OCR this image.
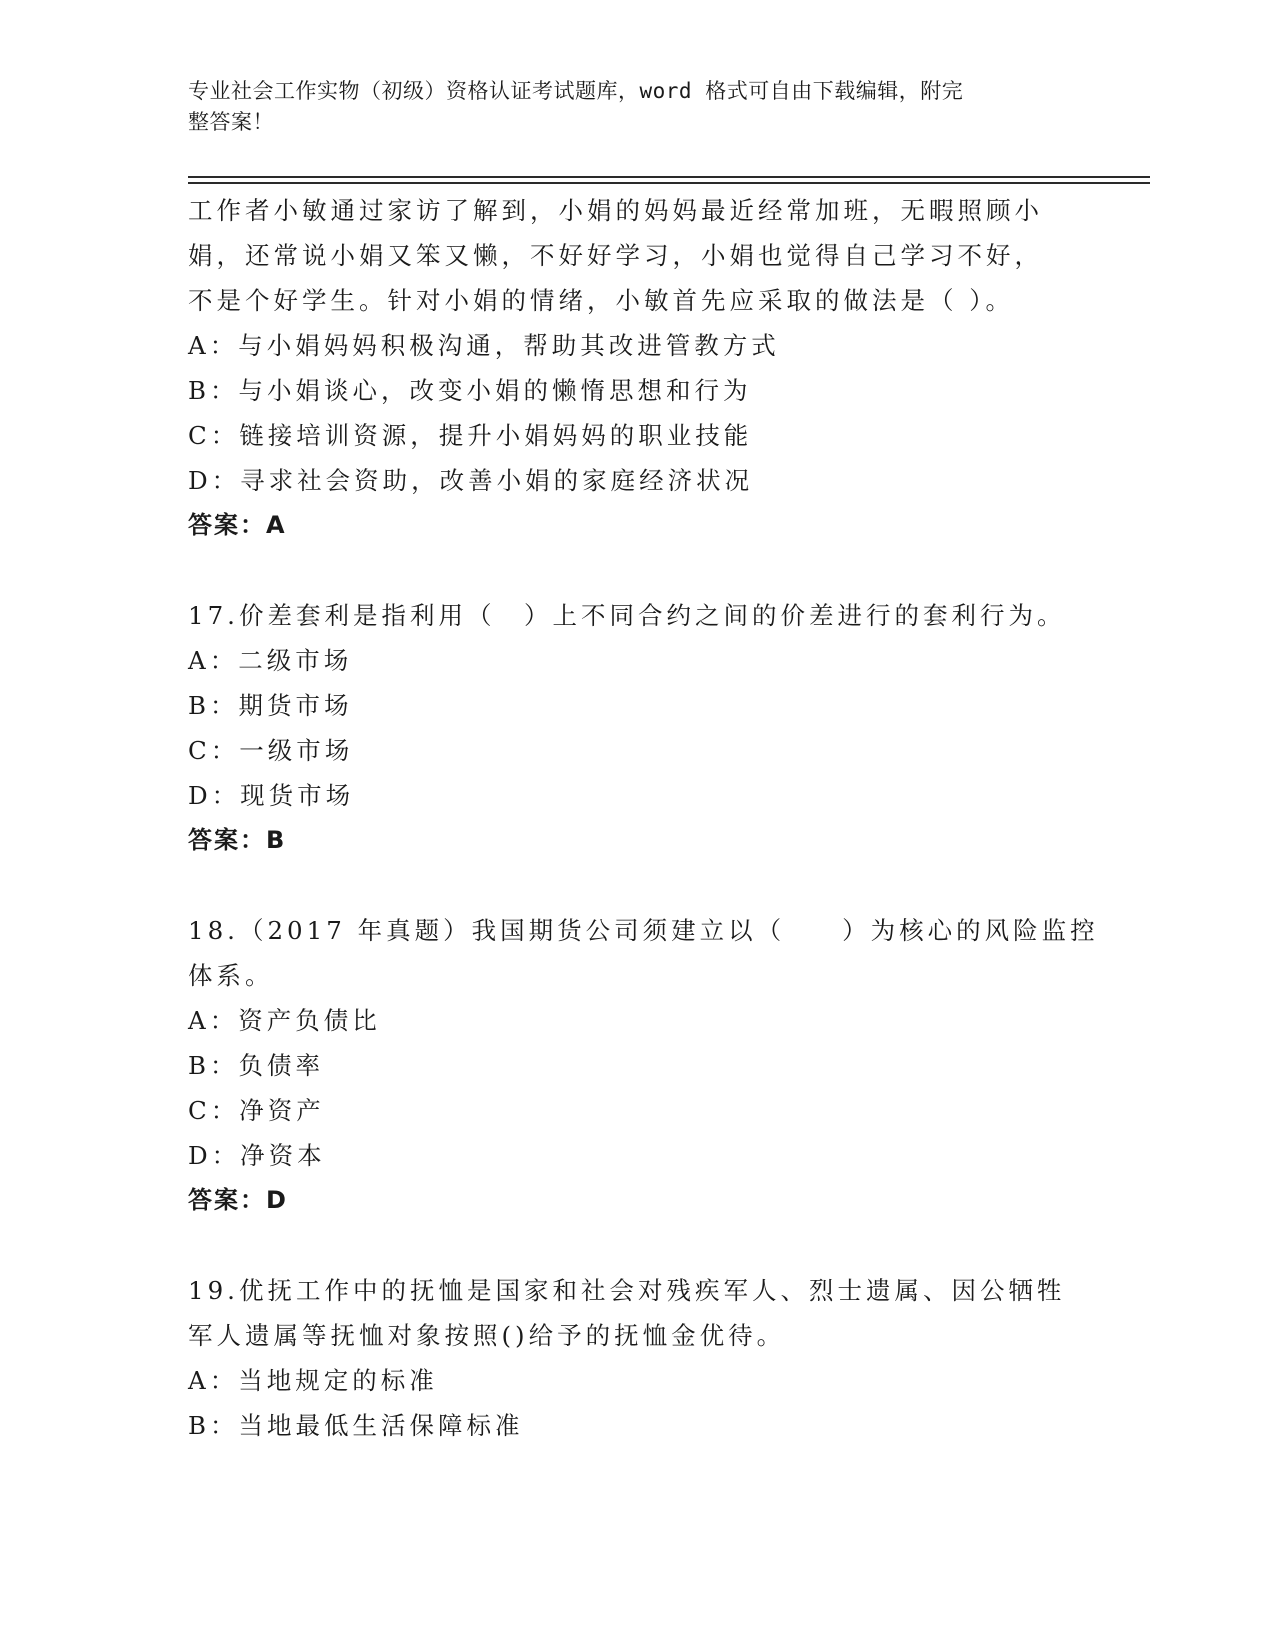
专业社会工作实物（初级）资格认证考试题库，word 格式可自由下载编辑，附完
整答案！
工作者小敏通过家访了解到，小娟的妈妈最近经常加班，无暇照顾小
娟，还常说小娟又笨又懒，不好好学习，小娟也觉得自己学习不好，
不是个好学生。针对小娟的情绪，小敏首先应采取的做法是（ ）。
A：与小娟妈妈积极沟通，帮助其改进管教方式
B：与小娟谈心，改变小娟的懒惰思想和行为
C：链接培训资源，提升小娟妈妈的职业技能
D：寻求社会资助，改善小娟的家庭经济状况
答案：A
17.价差套利是指利用（　）上不同合约之间的价差进行的套利行为。
A：二级市场
B：期货市场
C：一级市场
D：现货市场
答案：B
18.（2017 年真题）我国期货公司须建立以（　　）为核心的风险监控
体系。
A：资产负债比
B：负债率
C：净资产
D：净资本
答案：D
19.优抚工作中的抚恤是国家和社会对残疾军人、烈士遗属、因公牺牲
军人遗属等抚恤对象按照()给予的抚恤金优待。
A：当地规定的标准
B：当地最低生活保障标准
